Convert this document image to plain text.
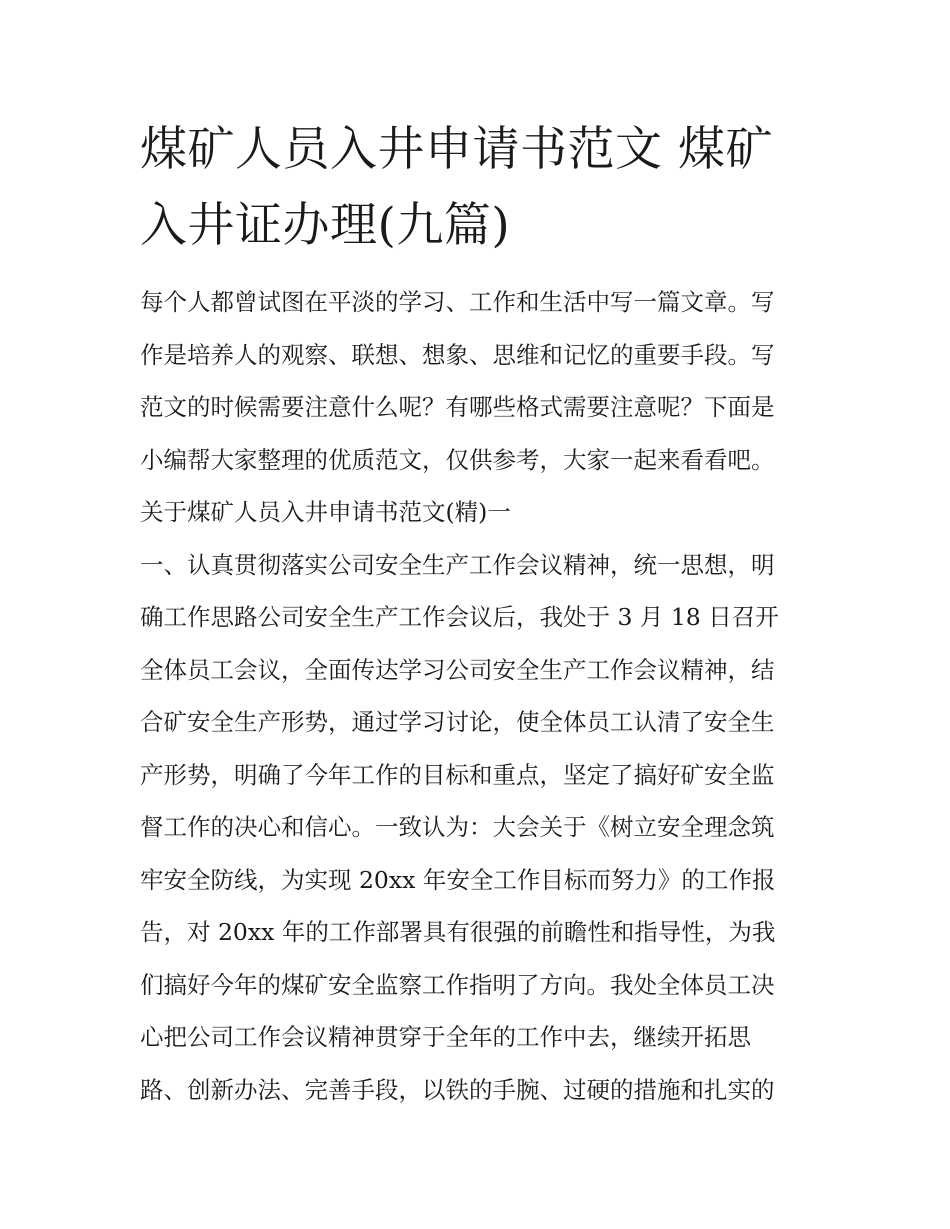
煤矿人员入井申请书范文 煤矿
入井证办理(九篇)
每个人都曾试图在平淡的学习、工作和生活中写一篇文章。写
作是培养人的观察、联想、想象、思维和记忆的重要手段。写
范文的时候需要注意什么呢？有哪些格式需要注意呢？下面是
小编帮大家整理的优质范文，仅供参考，大家一起来看看吧。
关于煤矿人员入井申请书范文(精)一
一、认真贯彻落实公司安全生产工作会议精神，统一思想，明
确工作思路公司安全生产工作会议后，我处于 3 月 18 日召开
全体员工会议，全面传达学习公司安全生产工作会议精神，结
合矿安全生产形势，通过学习讨论，使全体员工认清了安全生
产形势，明确了今年工作的目标和重点，坚定了搞好矿安全监
督工作的决心和信心。一致认为：大会关于《树立安全理念筑
牢安全防线，为实现 20xx 年安全工作目标而努力》的工作报
告，对 20xx 年的工作部署具有很强的前瞻性和指导性，为我
们搞好今年的煤矿安全监察工作指明了方向。我处全体员工决
心把公司工作会议精神贯穿于全年的工作中去，继续开拓思
路、创新办法、完善手段，以铁的手腕、过硬的措施和扎实的
